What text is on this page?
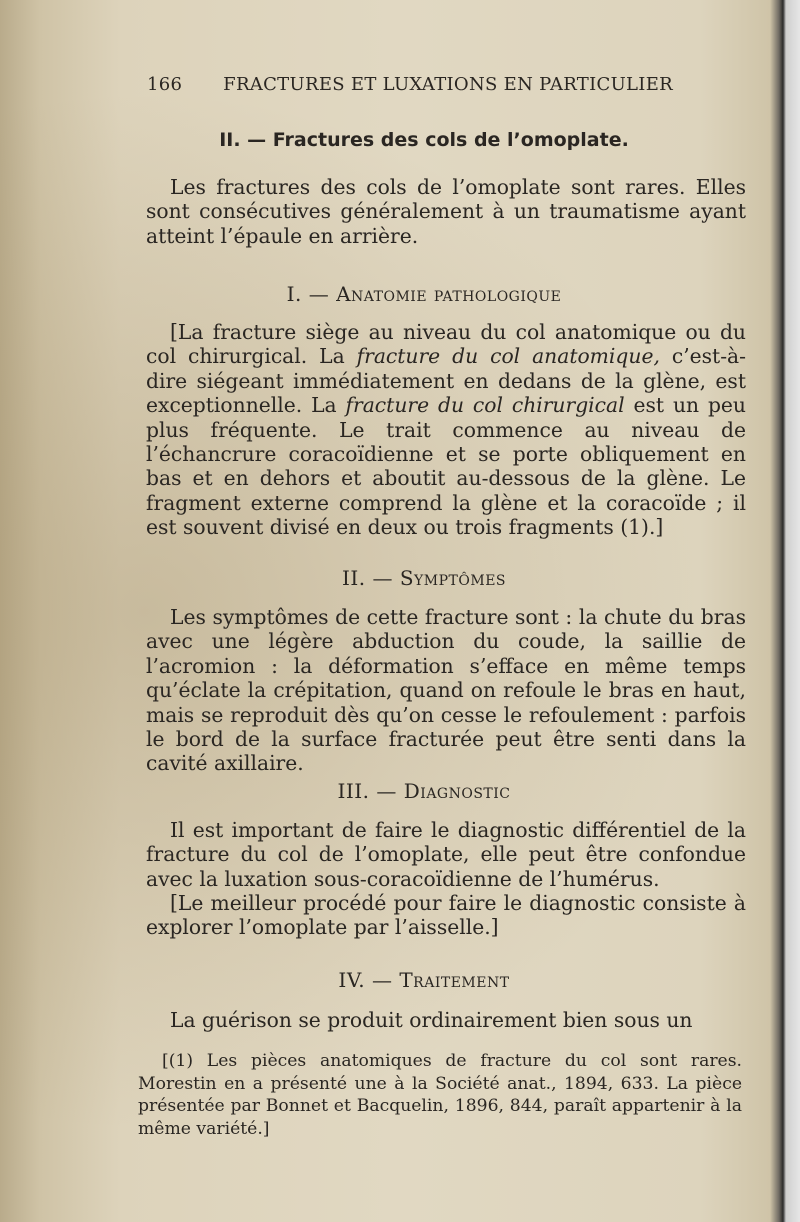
166 FRACTURES ET LUXATIONS EN PARTICULIER
II. — Fractures des cols de l’omoplate.

Les fractures des cols de l’omoplate sont rares. Elles sont consécutives généralement à un traumatisme ayant atteint l’épaule en arrière.

I. — Anatomie pathologique

[La fracture siège au niveau du col anatomique ou du col chirurgical. La fracture du col anatomique, c’est-à-dire siégeant immédiatement en dedans de la glène, est exceptionnelle. La fracture du col chirurgical est un peu plus fréquente. Le trait commence au niveau de l’échancrure coracoïdienne et se porte obliquement en bas et en dehors et aboutit au-dessous de la glène. Le fragment externe comprend la glène et la coracoïde ; il est souvent divisé en deux ou trois fragments (1).]

II. — Symptômes

Les symptômes de cette fracture sont : la chute du bras avec une légère abduction du coude, la saillie de l’acromion : la déformation s’efface en même temps qu’éclate la crépitation, quand on refoule le bras en haut, mais se reproduit dès qu’on cesse le refoulement : parfois le bord de la surface fracturée peut être senti dans la cavité axillaire.

III. — Diagnostic

Il est important de faire le diagnostic différentiel de la fracture du col de l’omoplate, elle peut être confondue avec la luxation sous-coracoïdienne de l’humérus.

[Le meilleur procédé pour faire le diagnostic consiste à explorer l’omoplate par l’aisselle.]

IV. — Traitement

La guérison se produit ordinairement bien sous un

[(1) Les pièces anatomiques de fracture du col sont rares. Morestin en a présenté une à la Société anat., 1894, 633. La pièce présentée par Bonnet et Bacquelin, 1896, 844, paraît appartenir à la même variété.]
